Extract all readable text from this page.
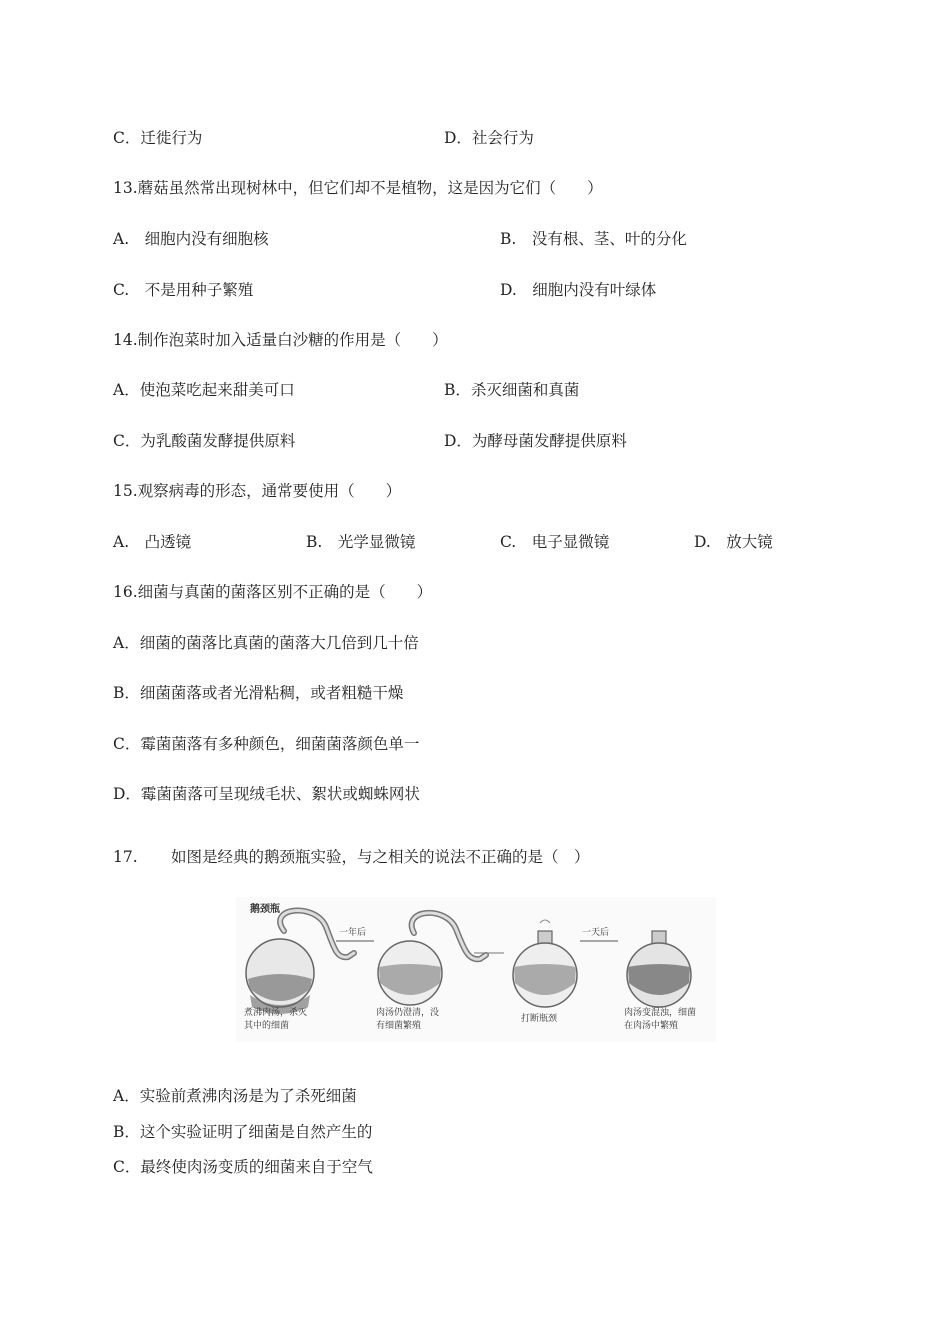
C．迁徙行为	D．社会行为
13.蘑菇虽然常出现树林中，但它们却不是植物，这是因为它们（　　）
A.　细胞内没有细胞核	B.　没有根、茎、叶的分化
C.　不是用种子繁殖	D.　细胞内没有叶绿体
14.制作泡菜时加入适量白沙糖的作用是（　　）
A．使泡菜吃起来甜美可口	B．杀灭细菌和真菌
C．为乳酸菌发酵提供原料	D．为酵母菌发酵提供原料
15.观察病毒的形态，通常要使用（　　）
A.　凸透镜	B.　光学显微镜	C.　电子显微镜	D.　放大镜
16.细菌与真菌的菌落区别不正确的是（　　）
A．细菌的菌落比真菌的菌落大几倍到几十倍
B．细菌菌落或者光滑粘稠，或者粗糙干燥
C．霉菌菌落有多种颜色，细菌菌落颜色单一
D．霉菌菌落可呈现绒毛状、絮状或蜘蛛网状
17. 如图是经典的鹅颈瓶实验，与之相关的说法不正确的是（　）
鹅颈瓶
煮沸肉汤，杀灭
其中的细菌
一年后
肉汤仍澄清，没
有细菌繁殖
打断瓶颈
一天后
肉汤变混浊，细菌
在肉汤中繁殖
A．实验前煮沸肉汤是为了杀死细菌
B．这个实验证明了细菌是自然产生的
C．最终使肉汤变质的细菌来自于空气
